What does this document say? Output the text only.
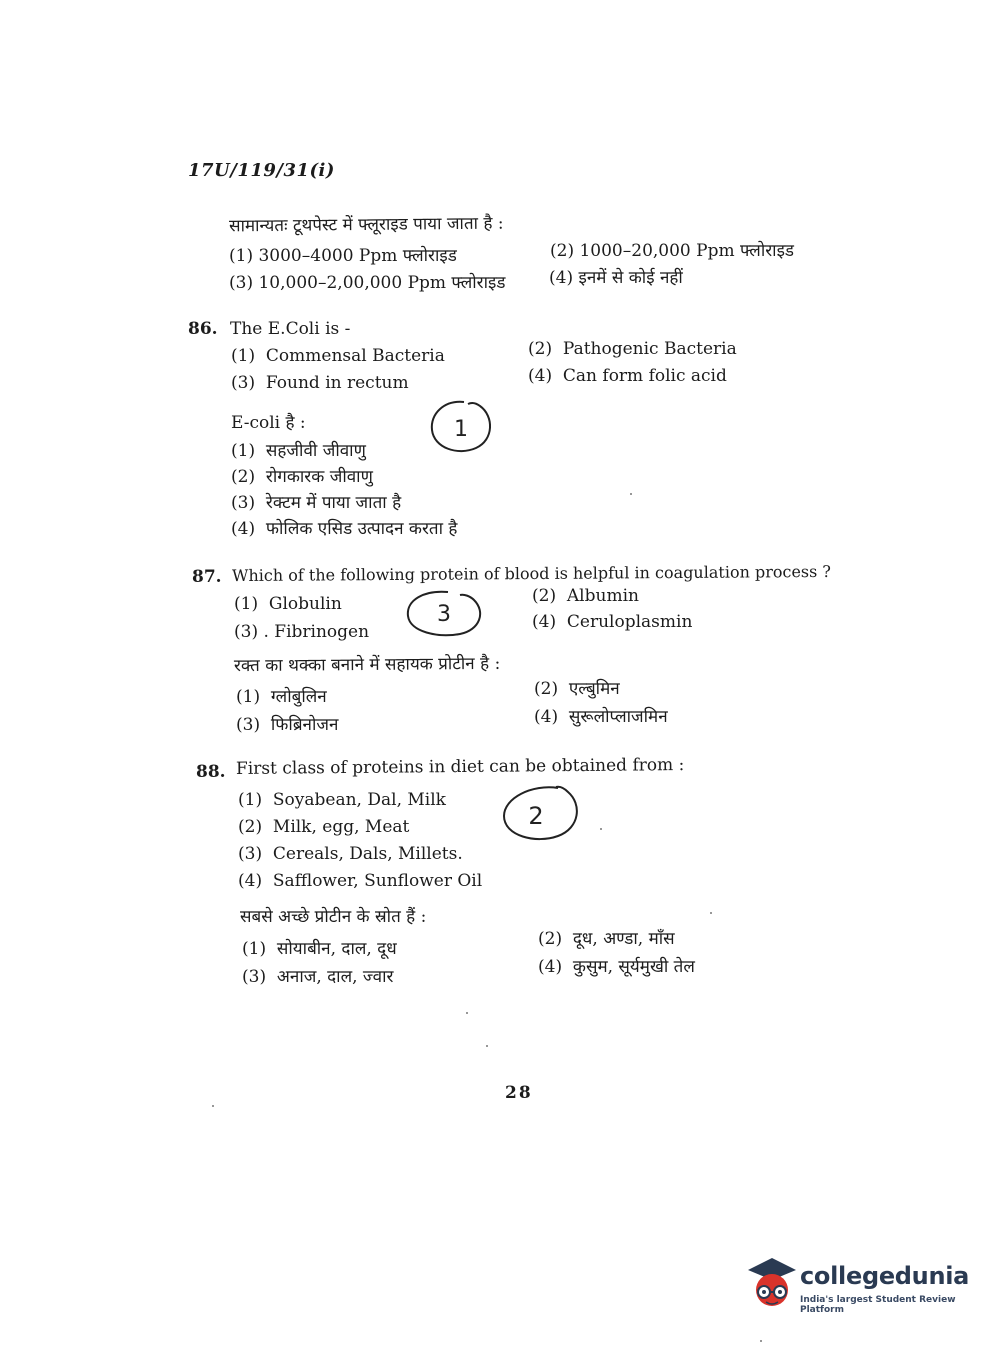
17U/119/31(i)
सामान्यतः टूथपेस्ट में फ्लूराइड पाया जाता है :
(1) 3000–4000 Ppm फ्लोराइड	(2) 1000–20,000 Ppm फ्लोराइड
(3) 10,000–2,00,000 Ppm फ्लोराइड	(4) इनमें से कोई नहीं
86. The E.Coli is -
(1) Commensal Bacteria	(2) Pathogenic Bacteria
(3) Found in rectum	(4) Can form folic acid
E-coli है :
(1) सहजीवी जीवाणु
(2) रोगकारक जीवाणु
(3) रेक्टम में पाया जाता है
(4) फोलिक एसिड उत्पादन करता है
1
87. Which of the following protein of blood is helpful in coagulation process ?
(1) Globulin	(2) Albumin
(3) . Fibrinogen	(4) Ceruloplasmin
3
रक्त का थक्का बनाने में सहायक प्रोटीन है :
(1) ग्लोबुलिन	(2) एल्बुमिन
(3) फिब्रिनोजन	(4) सुरूलोप्लाजमिन
88. First class of proteins in diet can be obtained from :
(1) Soyabean, Dal, Milk
(2) Milk, egg, Meat
(3) Cereals, Dals, Millets.
(4) Safflower, Sunflower Oil
2
सबसे अच्छे प्रोटीन के स्रोत हैं :
(1) सोयाबीन, दाल, दूध	(2) दूध, अण्डा, माँस
(3) अनाज, दाल, ज्वार	(4) कुसुम, सूर्यमुखी तेल
28
collegedunia
India's largest Student Review Platform
